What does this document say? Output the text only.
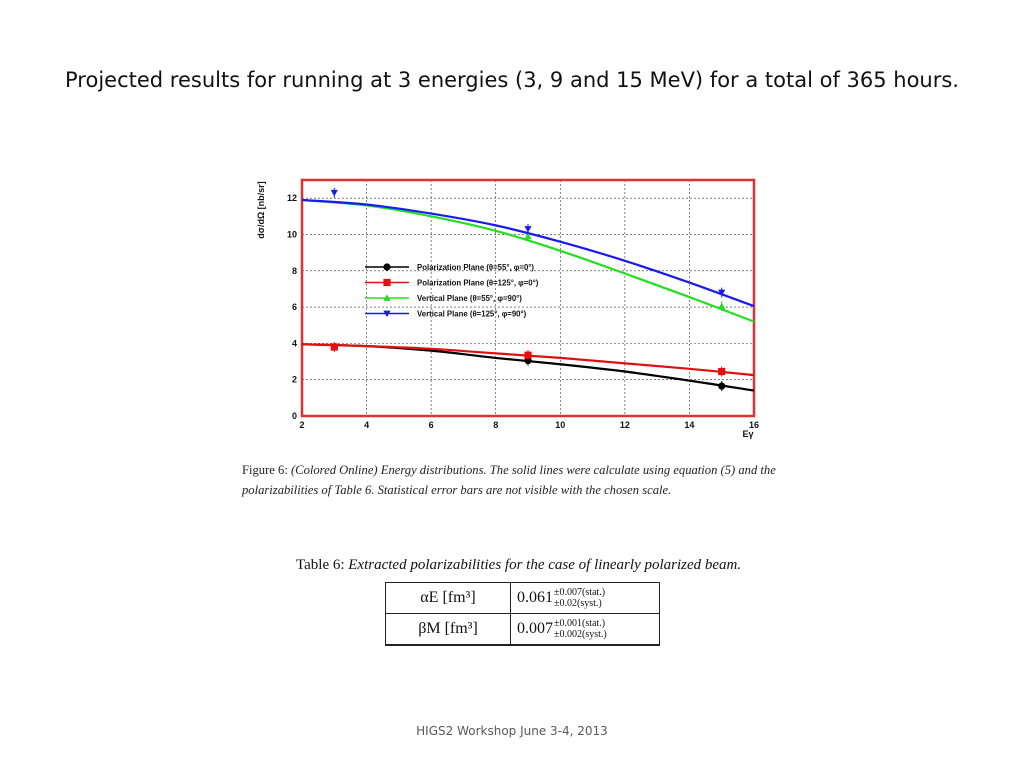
Projected results for running at 3 energies (3, 9 and 15 MeV) for a total of 365 hours.
2	4	6	8	10	12	14	16
0
2
4
6
8
10
12
Polarization Plane (θ=55°, φ=0°)
Polarization Plane (θ=125°, φ=0°)
Vertical Plane (θ=55°, φ=90°)
Vertical Plane (θ=125°, φ=90°)
dσ/dΩ [nb/sr]
Eγ
Figure 6: (Colored Online) Energy distributions. The solid lines were calculate using equation (5) and the polarizabilities of Table 6. Statistical error bars are not visible with the chosen scale.
Table 6: Extracted polarizabilities for the case of linearly polarized beam.
αE [fm³]	0.061 ±0.007(stat.)
±0.02(syst.)

βM [fm³]	0.007 ±0.001(stat.)
±0.002(syst.)
HIGS2 Workshop June 3-4, 2013
